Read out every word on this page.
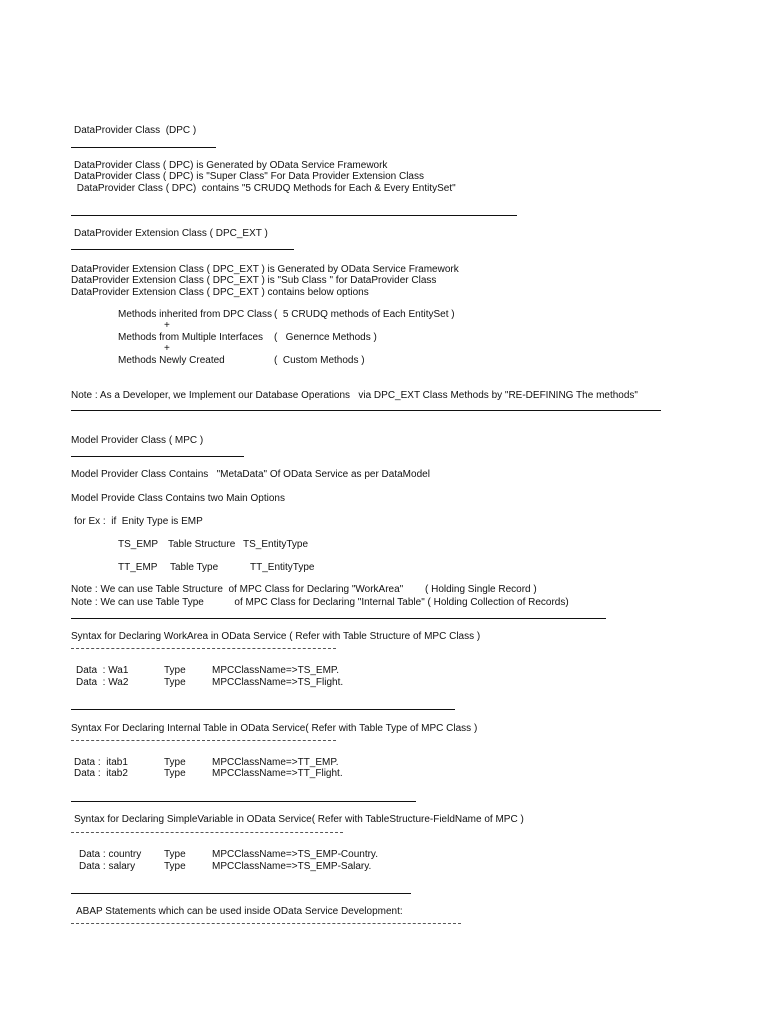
DataProvider Class  (DPC )
DataProvider Class ( DPC) is Generated by OData Service Framework
DataProvider Class ( DPC) is "Super Class" For Data Provider Extension Class
DataProvider Class ( DPC)  contains "5 CRUDQ Methods for Each & Every EntitySet"
DataProvider Extension Class ( DPC_EXT )
DataProvider Extension Class ( DPC_EXT ) is Generated by OData Service Framework
DataProvider Extension Class ( DPC_EXT ) is "Sub Class " for DataProvider Class
DataProvider Extension Class ( DPC_EXT ) contains below options
Methods inherited from DPC Class (  5 CRUDQ methods of Each EntitySet )
+
Methods from Multiple Interfaces (   Genernce Methods )
+
Methods Newly Created	(  Custom Methods )
Note : As a Developer, we Implement our Database Operations   via DPC_EXT Class Methods by "RE-DEFINING The methods"
Model Provider Class ( MPC )
Model Provider Class Contains   "MetaData" Of OData Service as per DataModel
Model Provide Class Contains two Main Options
for Ex :  if  Enity Type is EMP
TS_EMP Table Structure TS_EntityType
TT_EMP Table Type	TT_EntityType
Note : We can use Table Structure  of MPC Class for Declaring "WorkArea" ( Holding Single Record )
Note : We can use Table Type           of MPC Class for Declaring "Internal Table" ( Holding Collection of Records)
Syntax for Declaring WorkArea in OData Service ( Refer with Table Structure of MPC Class )
Data  : Wa1	Type	MPCClassName=>TS_EMP.
Data  : Wa2	Type	MPCClassName=>TS_Flight.
Syntax For Declaring Internal Table in OData Service( Refer with Table Type of MPC Class )
Data :  itab1	Type	MPCClassName=>TT_EMP.
Data :  itab2	Type	MPCClassName=>TT_Flight.
Syntax for Declaring SimpleVariable in OData Service( Refer with TableStructure-FieldName of MPC )
Data : country Type	MPCClassName=>TS_EMP-Country.
Data : salary	Type	MPCClassName=>TS_EMP-Salary.
ABAP Statements which can be used inside OData Service Development:
